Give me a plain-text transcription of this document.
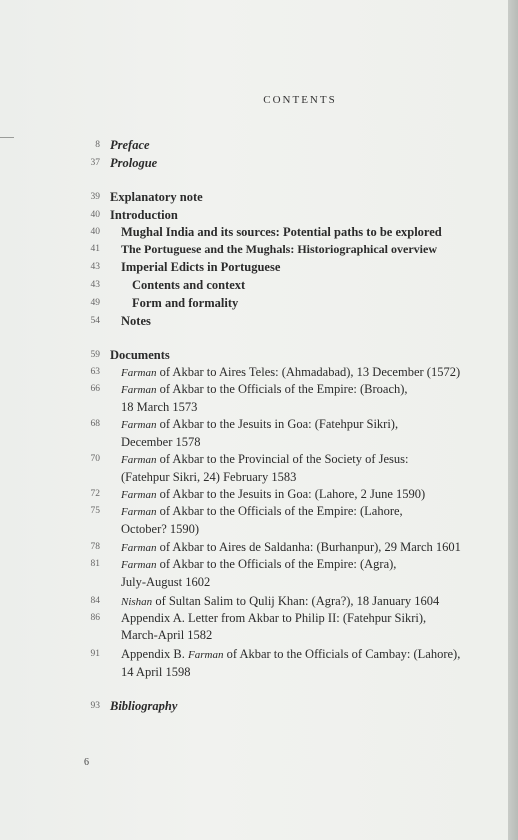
CONTENTS
8 Preface
37 Prologue
39 Explanatory note
40 Introduction
40 Mughal India and its sources: Potential paths to be explored
41 The Portuguese and the Mughals: Historiographical overview
43 Imperial Edicts in Portuguese
43	Contents and context
49	Form and formality
54 Notes
59 Documents
63 Farman of Akbar to Aires Teles: (Ahmadabad), 13 December (1572)
66 Farman of Akbar to the Officials of the Empire: (Broach),
18 March 1573
68 Farman of Akbar to the Jesuits in Goa: (Fatehpur Sikri),
December 1578
70 Farman of Akbar to the Provincial of the Society of Jesus:
(Fatehpur Sikri, 24) February 1583
72 Farman of Akbar to the Jesuits in Goa: (Lahore, 2 June 1590)
75 Farman of Akbar to the Officials of the Empire: (Lahore,
October? 1590)
78 Farman of Akbar to Aires de Saldanha: (Burhanpur), 29 March 1601
81 Farman of Akbar to the Officials of the Empire: (Agra),
July-August 1602
84 Nishan of Sultan Salim to Qulij Khan: (Agra?), 18 January 1604
86 Appendix A. Letter from Akbar to Philip II: (Fatehpur Sikri),
March-April 1582
91 Appendix B. Farman of Akbar to the Officials of Cambay: (Lahore),
14 April 1598
93 Bibliography
6
